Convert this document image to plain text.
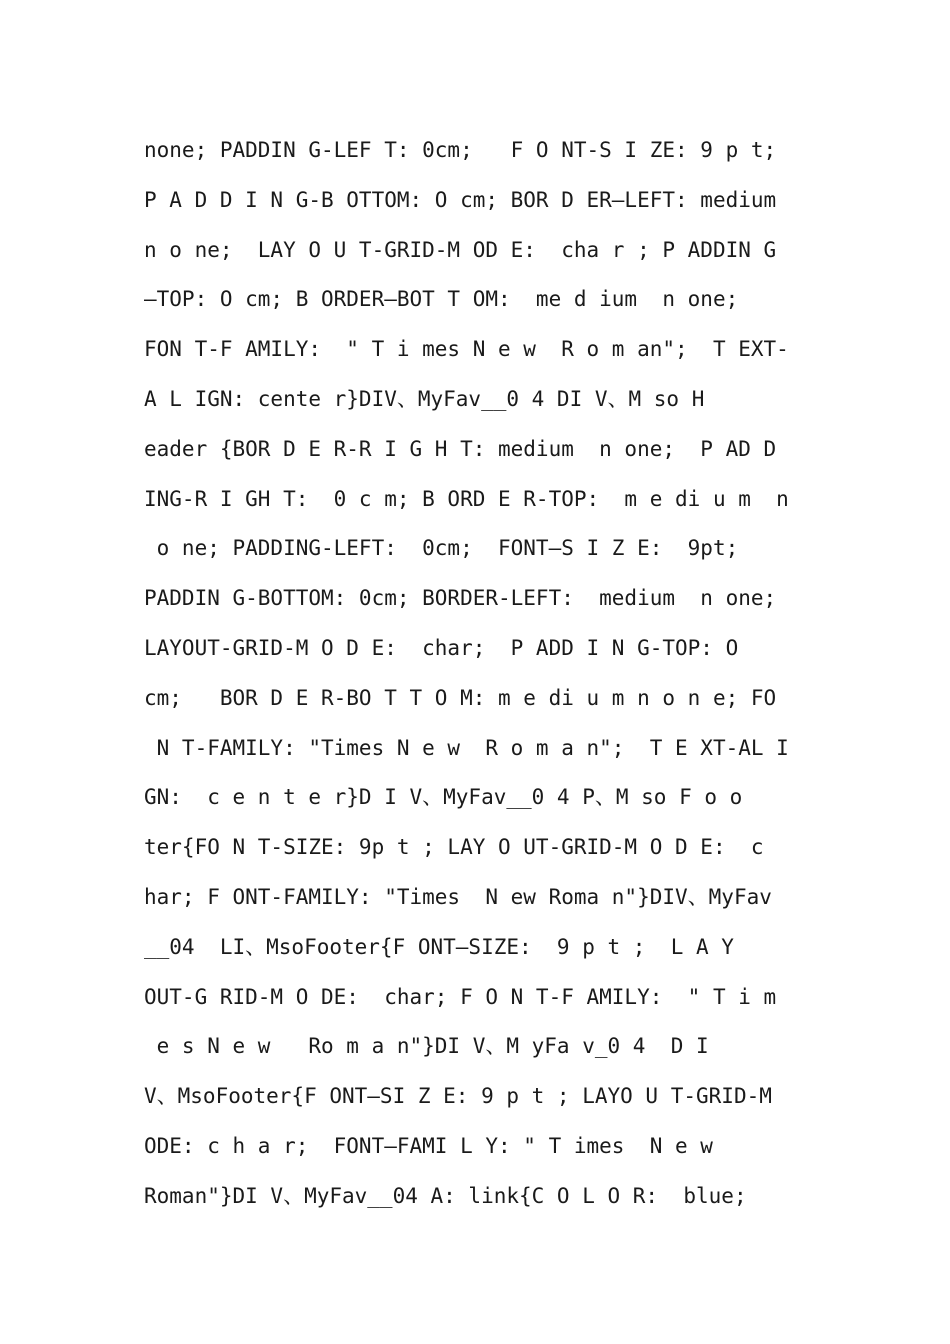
none; PADDIN G-LEF T: 0cm;   F O NT-S I ZE: 9 p t;
P A D D I N G-B OTTOM: O cm; BOR D ER—LEFT: medium
n o ne;  LAY O U T-GRID-M OD E:  cha r ; P ADDIN G
—TOP: O cm; B ORDER—BOT T OM:  me d ium  n one;
FON T-F AMILY:  " T i mes N e w  R o m an";  T EXT-
A L IGN: cente r}DIV、MyFav__0 4 DI V、M so H
eader {BOR D E R-R I G H T: medium  n one;  P AD D
ING-R I GH T:  0 c m; B ORD E R-TOP:  m e di u m  n
o ne; PADDING-LEFT:  0cm;  FONT—S I Z E:  9pt;
PADDIN G-BOTTOM: 0cm; BORDER-LEFT:  medium  n one;
LAYOUT-GRID-M O D E:  char;  P ADD I N G-TOP: O
cm;   BOR D E R-BO T T O M: m e di u m n o n e; FO
N T-FAMILY: "Times N e w  R o m a n";  T E XT-AL I
GN:  c e n t e r}D I V、MyFav__0 4 P、M so F o o
ter{FO N T-SIZE: 9p t ; LAY O UT-GRID-M O D E:  c
har; F ONT-FAMILY: "Times  N ew Roma n"}DIV、MyFav
__04  LI、MsoFooter{F ONT—SIZE:  9 p t ;  L A Y
OUT-G RID-M O DE:  char; F O N T-F AMILY:  " T i m
e s N e w   Ro m a n"}DI V、M yFa v_0 4  D I
V、MsoFooter{F ONT—SI Z E: 9 p t ; LAYO U T-GRID-M
ODE: c h a r;  FONT—FAMI L Y: " T imes  N e w
Roman"}DI V、MyFav__04 A: link{C O L O R:  blue;
